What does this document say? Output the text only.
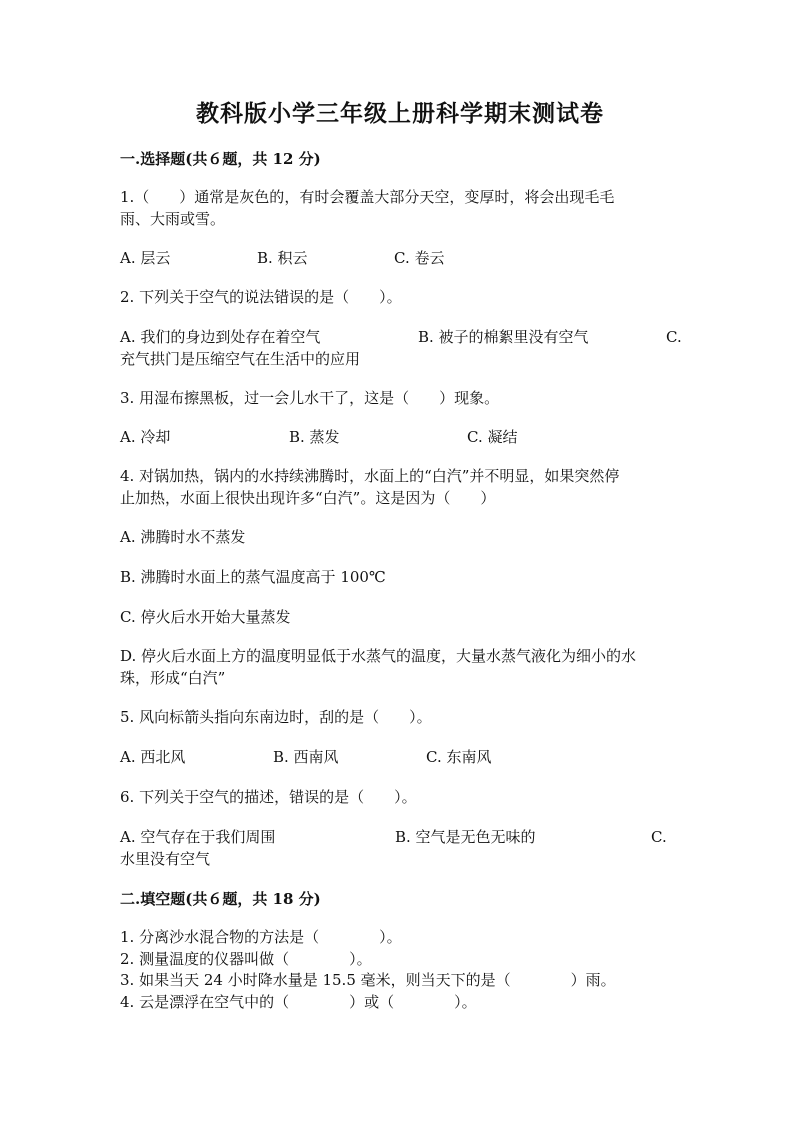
教科版小学三年级上册科学期末测试卷
一.选择题(共６题，共 12 分)
1.（　　）通常是灰色的，有时会覆盖大部分天空，变厚时，将会出现毛毛
雨、大雨或雪。
A. 层云	B. 积云	C. 卷云
2. 下列关于空气的说法错误的是（　　）。
A. 我们的身边到处存在着空气	B. 被子的棉絮里没有空气	C.
充气拱门是压缩空气在生活中的应用
3. 用湿布擦黑板，过一会儿水干了，这是（　　）现象。
A. 冷却	B. 蒸发	C. 凝结
4. 对锅加热，锅内的水持续沸腾时，水面上的“白汽”并不明显，如果突然停
止加热，水面上很快出现许多“白汽”。这是因为（　　）
A. 沸腾时水不蒸发
B. 沸腾时水面上的蒸气温度高于 100℃
C. 停火后水开始大量蒸发
D. 停火后水面上方的温度明显低于水蒸气的温度，大量水蒸气液化为细小的水
珠，形成“白汽”
5. 风向标箭头指向东南边时，刮的是（　　）。
A. 西北风	B. 西南风	C. 东南风
6. 下列关于空气的描述，错误的是（　　）。
A. 空气存在于我们周围	B. 空气是无色无味的	C.
水里没有空气
二.填空题(共６题，共 18 分)
1. 分离沙水混合物的方法是（　　　　）。
2. 测量温度的仪器叫做（　　　　）。
3. 如果当天 24 小时降水量是 15.5 毫米，则当天下的是（　　　　）雨。
4. 云是漂浮在空气中的（　　　　）或（　　　　）。
